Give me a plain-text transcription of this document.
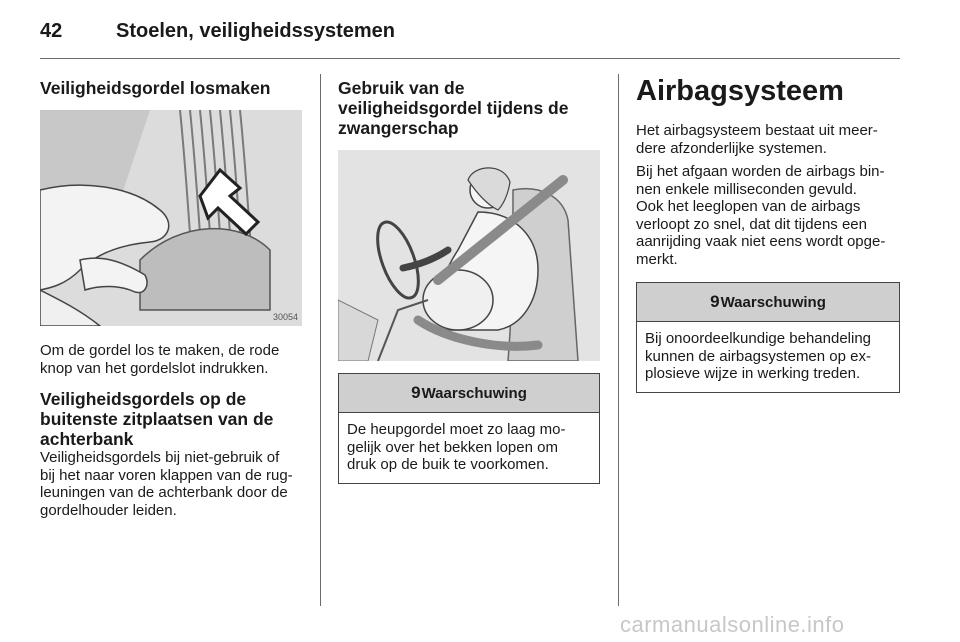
42	Stoelen, veiligheidssystemen
Veiligheidsgordel losmaken
30054

Om de gordel los te maken, de rode
knop van het gordelslot indrukken.

Veiligheidsgordels op de
buitenste zitplaatsen van de
achterbank

Veiligheidsgordels bij niet-gebruik of
bij het naar voren klappen van de rug-
leuningen van de achterbank door de
gordelhouder leiden.

Gebruik van de
veiligheidsgordel tijdens de
zwangerschap
9 Waarschuwing

De heupgordel moet zo laag mo-
gelijk over het bekken lopen om
druk op de buik te voorkomen.

Airbagsysteem

Het airbagsysteem bestaat uit meer-
dere afzonderlijke systemen.

Bij het afgaan worden de airbags bin-
nen enkele milliseconden gevuld.
Ook het leeglopen van de airbags
verloopt zo snel, dat dit tijdens een
aanrijding vaak niet eens wordt opge-
merkt.

9 Waarschuwing

Bij onoordeelkundige behandeling
kunnen de airbagsystemen op ex-
plosieve wijze in werking treden.

carmanualsonline.info
